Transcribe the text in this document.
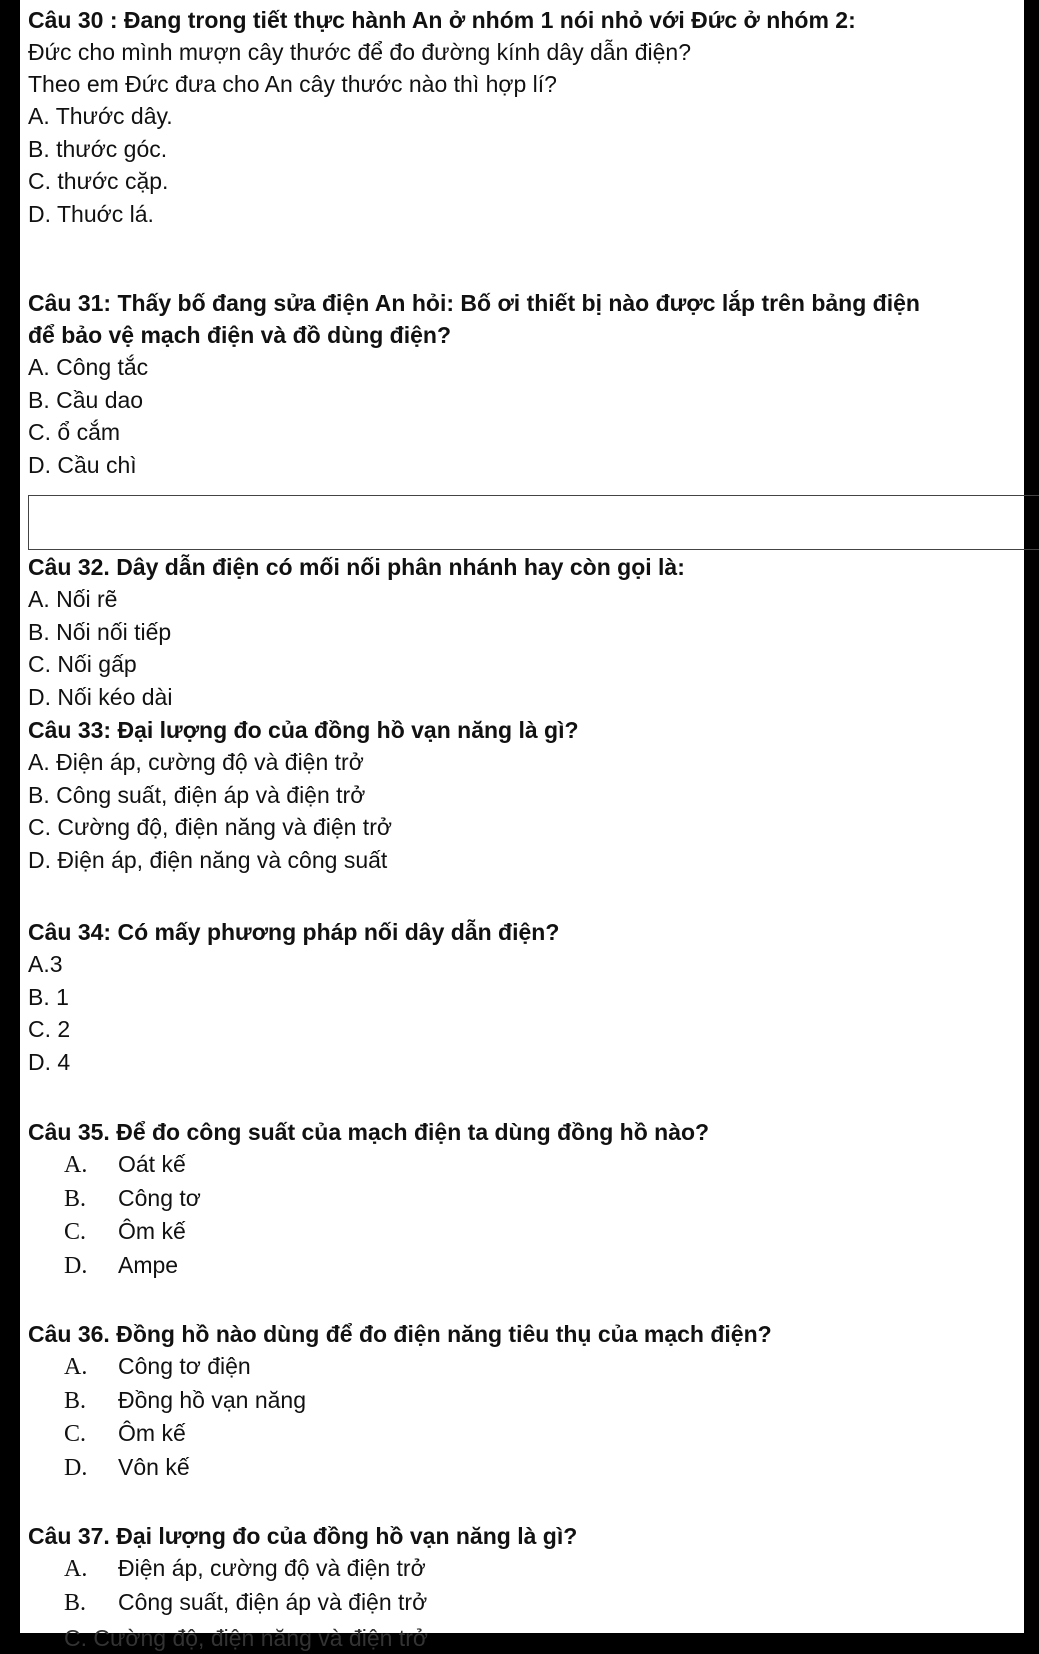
Câu 30 : Đang trong tiết thực hành An ở nhóm 1 nói nhỏ với Đức ở nhóm 2:

Đức cho mình mượn cây thước để đo đường kính dây dẫn điện?

Theo em Đức đưa cho An cây thước nào thì hợp lí?

A. Thước dây.

B. thước góc.

C. thước cặp.

D. Thuớc lá.

Câu 31: Thấy bố đang sửa điện An hỏi: Bố ơi thiết bị nào được lắp trên bảng điện

để bảo vệ mạch điện và đồ dùng điện?

A. Công tắc

B. Cầu dao

C. ổ cắm

D. Cầu chì

Câu 32. Dây dẫn điện có mối nối phân nhánh hay còn gọi là:

A. Nối rẽ

B. Nối nối tiếp

C. Nối gấp

D. Nối kéo dài

Câu 33: Đại lượng đo của đồng hồ vạn năng là gì?

A. Điện áp, cường độ và điện trở

B. Công suất, điện áp và điện trở

C. Cường độ, điện năng và điện trở

D. Điện áp, điện năng và công suất

Câu 34: Có mấy phương pháp nối dây dẫn điện?

A.3

B. 1

C. 2

D. 4

Câu 35. Để đo công suất của mạch điện ta dùng đồng hồ nào?

A. Oát kế

B. Công tơ

C. Ôm kế

D. Ampe

Câu 36. Đồng hồ nào dùng để đo điện năng tiêu thụ của mạch điện?

A. Công tơ điện

B. Đồng hồ vạn năng

C. Ôm kế

D. Vôn kế

Câu 37. Đại lượng đo của đồng hồ vạn năng là gì?

A. Điện áp, cường độ và điện trở

B. Công suất, điện áp và điện trở

C. Cường độ, điện năng và điện trở
